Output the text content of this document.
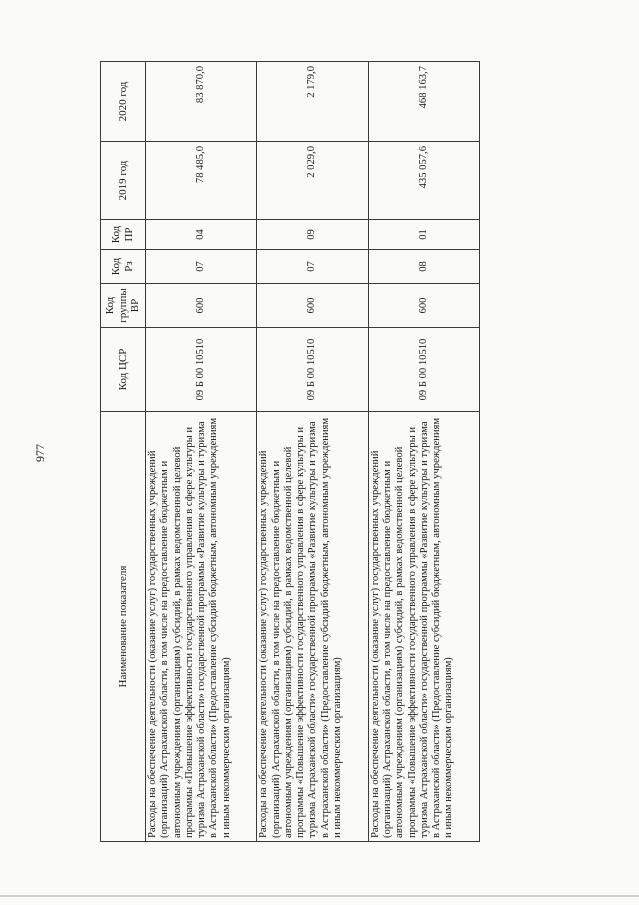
977
Наименование показателя	Код ЦСР	Код группы ВР	Код Рз	Код ПР	2019 год	2020 год
Расходы на обеспечение деятельности (оказание услуг) государственных учреждений (организаций) Астраханской области, в том числе на предоставление бюджетным и автономным учреждениям (организациям) субсидий, в рамках ведомственной целевой программы «Повышение эффективности государственного управления в сфере культуры и туризма Астраханской области» государственной программы «Развитие культуры и туризма в Астраханской области» (Предоставление субсидий бюджетным, автономным учреждениям и иным некоммерческим организациям)	09 Б 00 10510	600	07	04	78 485,0	83 870,0
Расходы на обеспечение деятельности (оказание услуг) государственных учреждений (организаций) Астраханской области, в том числе на предоставление бюджетным и автономным учреждениям (организациям) субсидий, в рамках ведомственной целевой программы «Повышение эффективности государственного управления в сфере культуры и туризма Астраханской области» государственной программы «Развитие культуры и туризма в Астраханской области» (Предоставление субсидий бюджетным, автономным учреждениям и иным некоммерческим организациям)	09 Б 00 10510	600	07	09	2 029,0	2 179,0
Расходы на обеспечение деятельности (оказание услуг) государственных учреждений (организаций) Астраханской области, в том числе на предоставление бюджетным и автономным учреждениям (организациям) субсидий, в рамках ведомственной целевой программы «Повышение эффективности государственного управления в сфере культуры и туризма Астраханской области» государственной программы «Развитие культуры и туризма в Астраханской области» (Предоставление субсидий бюджетным, автономным учреждениям и иным некоммерческим организациям)	09 Б 00 10510	600	08	01	435 057,6	468 163,7
